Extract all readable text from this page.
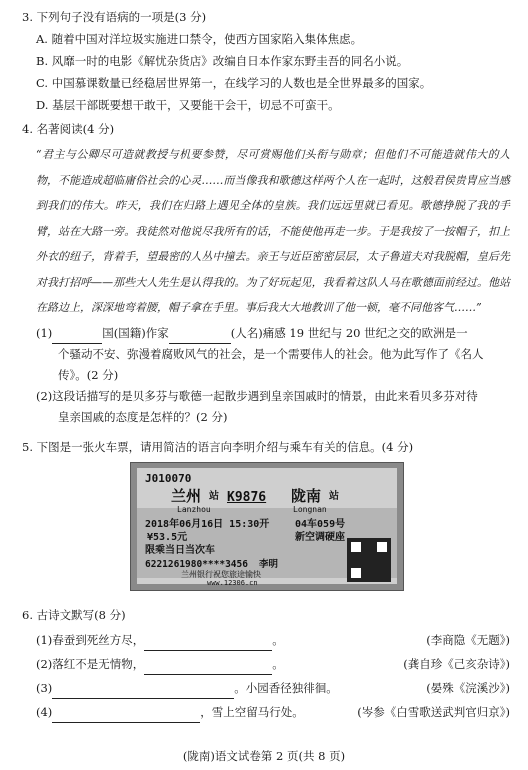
3. 下列句子没有语病的一项是(3 分)
A. 随着中国对洋垃圾实施进口禁令，使西方国家陷入集体焦虑。
B. 风靡一时的电影《解忧杂货店》改编自日本作家东野圭吾的同名小说。
C. 中国慕课数量已经稳居世界第一，在线学习的人数也是全世界最多的国家。
D. 基层干部既要想干敢干，又要能干会干，切忌不可蛮干。
4. 名著阅读(4 分)
“君主与公卿尽可造就教授与机要参赞，尽可赏赐他们头衔与勋章；但他们不可能造就伟大的人物，不能造成超临庸俗社会的心灵……而当像我和歌德这样两个人在一起时，这般君侯贵胄应当感到我们的伟大。昨天，我们在归路上遇见全体的皇族。我们远远里就已看见。歌德挣脱了我的手臂，站在大路一旁。我徒然对他说尽我所有的话，不能使他再走一步。于是我按了一按帽子，扣上外衣的纽子，背着手，望最密的人丛中撞去。亲王与近臣密密层层，太子鲁道夫对我脱帽，皇后先对我打招呼——那些大人先生是认得我的。为了好玩起见，我看着这队人马在歌德面前经过。他站在路边上，深深地弯着腰，帽子拿在手里。事后我大大地教训了他一顿，毫不同他客气……”
(1)	国(国籍)作家	(人名)痛感 19 世纪与 20 世纪之交的欧洲是一
个骚动不安、弥漫着腐败风气的社会，是一个需要伟人的社会。他为此写作了《名人
传》。(2 分)
(2)这段话描写的是贝多芬与歌德一起散步遇到皇亲国戚时的情景，由此来看贝多芬对待
皇亲国戚的态度是怎样的？(2 分)
5. 下图是一张火车票，请用简洁的语言向李明介绍与乘车有关的信息。(4 分)
J010070
兰州 站
Lanzhou
K9876 陇南 站
Longnan
2018年06月16日 15:30开	04车059号
¥53.5元	新空调硬座
限乘当日当次车
6221261980****3456 李明
兰州银行祝您旅途愉快
www.12306.cn
6. 古诗文默写(8 分)
(1)春蚕到死丝方尽，	。	(李商隐《无题》)
(2)落红不是无情物，	。	(龚自珍《己亥杂诗》)
(3)	。小园香径独徘徊。	(晏殊《浣溪沙》)
(4)	，雪上空留马行处。	(岑参《白雪歌送武判官归京》)
(陇南)语文试卷第 2 页(共 8 页)
